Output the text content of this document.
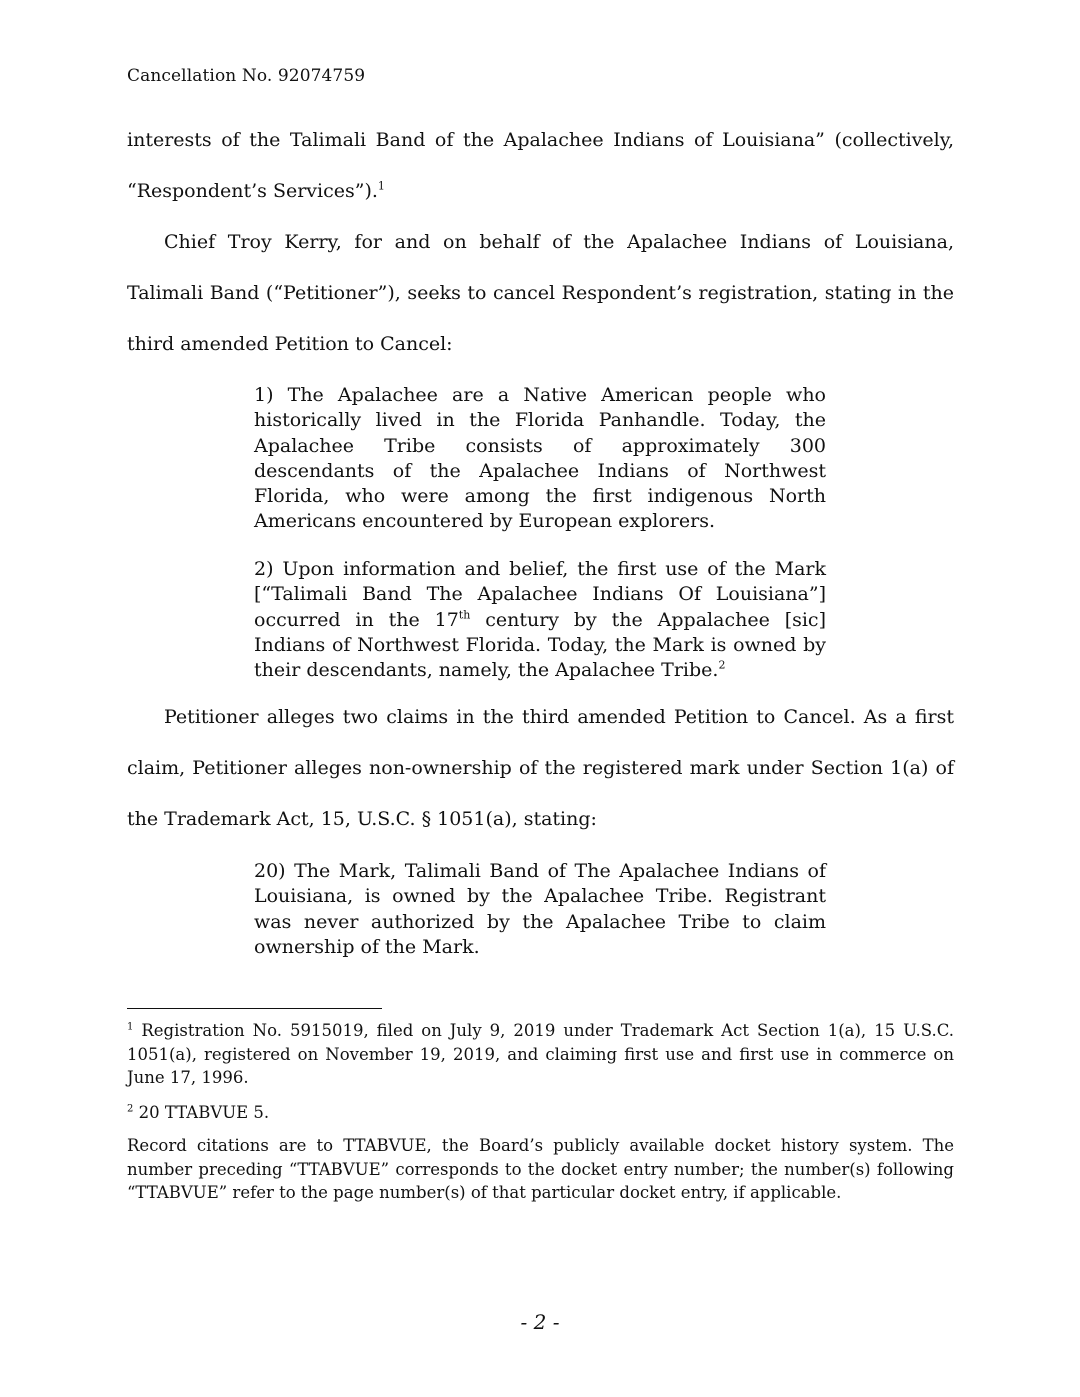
Cancellation No. 92074759
interests of the Talimali Band of the Apalachee Indians of Louisiana” (collectively, “Respondent’s Services”).$^1$
Chief Troy Kerry, for and on behalf of the Apalachee Indians of Louisiana, Talimali Band (“Petitioner”), seeks to cancel Respondent’s registration, stating in the third amended Petition to Cancel:
1) The Apalachee are a Native American people who historically lived in the Florida Panhandle. Today, the Apalachee Tribe consists of approximately 300 descendants of the Apalachee Indians of Northwest Florida, who were among the first indigenous North Americans encountered by European explorers.
2) Upon information and belief, the first use of the Mark [“Talimali Band The Apalachee Indians Of Louisiana”] occurred in the 17th century by the Appalachee [sic] Indians of Northwest Florida. Today, the Mark is owned by their descendants, namely, the Apalachee Tribe.$^2$
Petitioner alleges two claims in the third amended Petition to Cancel. As a first claim, Petitioner alleges non-ownership of the registered mark under Section 1(a) of the Trademark Act, 15, U.S.C. § 1051(a), stating:
20) The Mark, Talimali Band of The Apalachee Indians of Louisiana, is owned by the Apalachee Tribe. Registrant was never authorized by the Apalachee Tribe to claim ownership of the Mark.
$^1$ Registration No. 5915019, filed on July 9, 2019 under Trademark Act Section 1(a), 15 U.S.C. 1051(a), registered on November 19, 2019, and claiming first use and first use in commerce on June 17, 1996.
$^2$ 20 TTABVUE 5.
Record citations are to TTABVUE, the Board’s publicly available docket history system. The number preceding “TTABVUE” corresponds to the docket entry number; the number(s) following “TTABVUE” refer to the page number(s) of that particular docket entry, if applicable.
- 2 -
